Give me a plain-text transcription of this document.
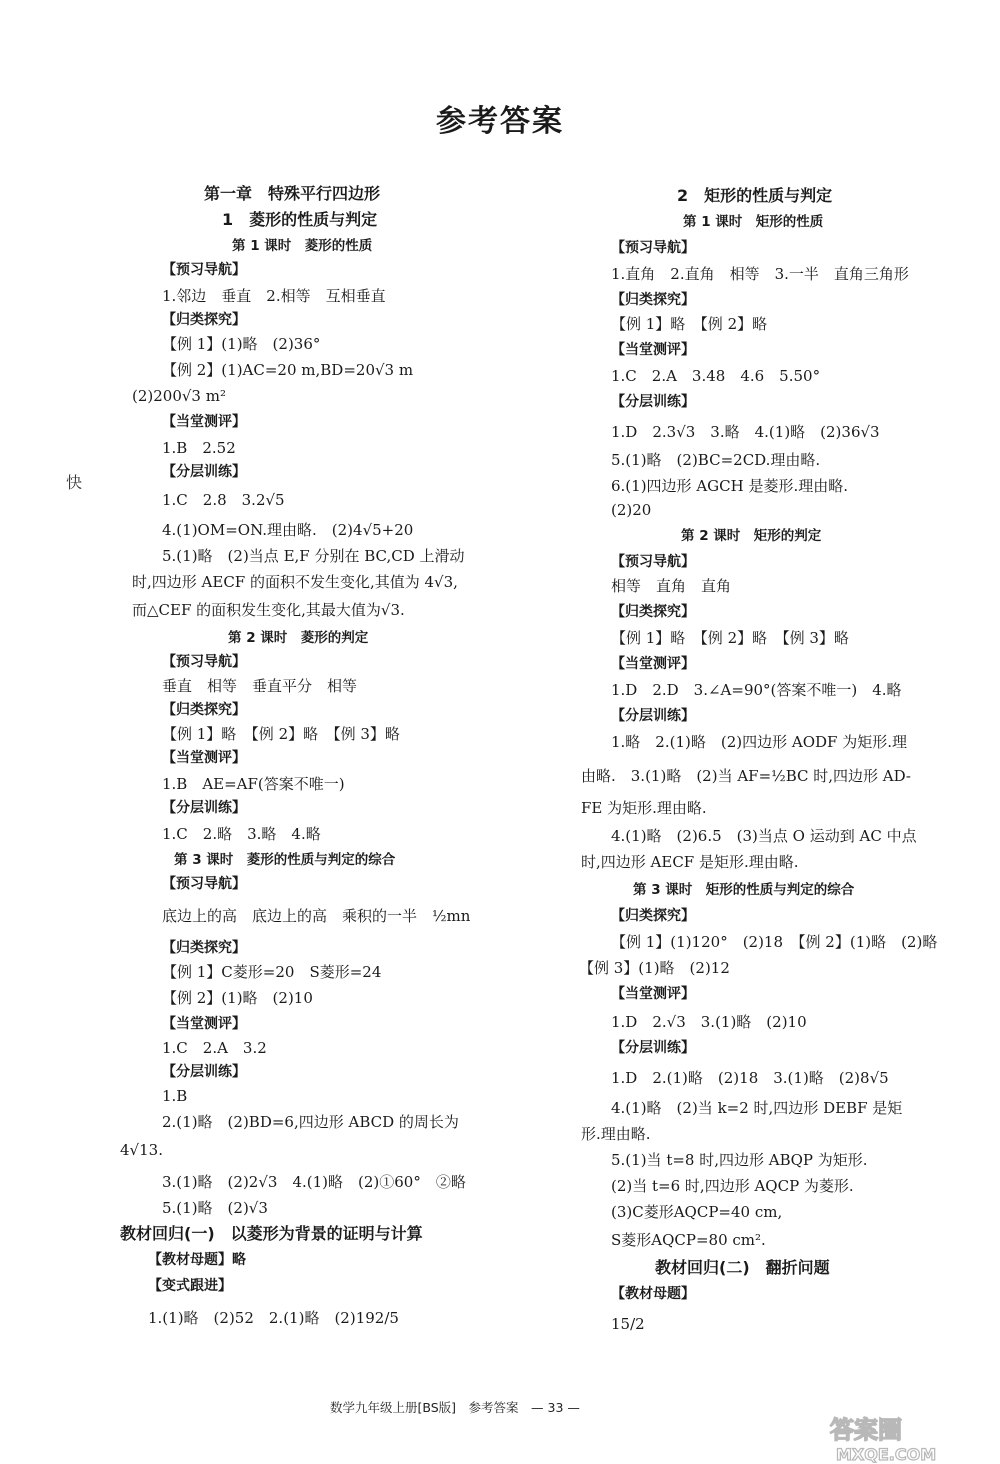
参考答案
第一章　特殊平行四边形
1　菱形的性质与判定
第 1 课时　菱形的性质
【预习导航】
1.邻边　垂直　2.相等　互相垂直
【归类探究】
【例 1】(1)略　(2)36°
【例 2】(1)AC=20 m,BD=20√3 m
(2)200√3 m²
【当堂测评】
1.B　2.52
【分层训练】
1.C　2.8　3.2√5
4.(1)OM=ON.理由略.　(2)4√5+20
5.(1)略　(2)当点 E,F 分别在 BC,CD 上滑动
时,四边形 AECF 的面积不发生变化,其值为 4√3,
而△CEF 的面积发生变化,其最大值为√3.
第 2 课时　菱形的判定
【预习导航】
垂直　相等　垂直平分　相等
【归类探究】
【例 1】略　【例 2】略　【例 3】略
【当堂测评】
1.B　AE=AF(答案不唯一)
【分层训练】
1.C　2.略　3.略　4.略
第 3 课时　菱形的性质与判定的综合
【预习导航】
底边上的高　底边上的高　乘积的一半　½mn
【归类探究】
【例 1】C菱形=20　S菱形=24
【例 2】(1)略　(2)10
【当堂测评】
1.C　2.A　3.2
【分层训练】
1.B
2.(1)略　(2)BD=6,四边形 ABCD 的周长为
4√13.
3.(1)略　(2)2√3　4.(1)略　(2)①60°　②略
5.(1)略　(2)√3
教材回归(一)　以菱形为背景的证明与计算
【教材母题】略
【变式跟进】
1.(1)略　(2)52　2.(1)略　(2)192/5
2　矩形的性质与判定
第 1 课时　矩形的性质
【预习导航】
1.直角　2.直角　相等　3.一半　直角三角形
【归类探究】
【例 1】略　【例 2】略
【当堂测评】
1.C　2.A　3.48　4.6　5.50°
【分层训练】
1.D　2.3√3　3.略　4.(1)略　(2)36√3
5.(1)略　(2)BC=2CD.理由略.
6.(1)四边形 AGCH 是菱形.理由略.
(2)20
第 2 课时　矩形的判定
【预习导航】
相等　直角　直角
【归类探究】
【例 1】略　【例 2】略　【例 3】略
【当堂测评】
1.D　2.D　3.∠A=90°(答案不唯一)　4.略
【分层训练】
1.略　2.(1)略　(2)四边形 AODF 为矩形.理
由略.　3.(1)略　(2)当 AF=½BC 时,四边形 AD-
FE 为矩形.理由略.
4.(1)略　(2)6.5　(3)当点 O 运动到 AC 中点
时,四边形 AECF 是矩形.理由略.
第 3 课时　矩形的性质与判定的综合
【归类探究】
【例 1】(1)120°　(2)18　【例 2】(1)略　(2)略
【例 3】(1)略　(2)12
【当堂测评】
1.D　2.√3　3.(1)略　(2)10
【分层训练】
1.D　2.(1)略　(2)18　3.(1)略　(2)8√5
4.(1)略　(2)当 k=2 时,四边形 DEBF 是矩
形.理由略.
5.(1)当 t=8 时,四边形 ABQP 为矩形.
(2)当 t=6 时,四边形 AQCP 为菱形.
(3)C菱形AQCP=40 cm,
S菱形AQCP=80 cm².
教材回归(二)　翻折问题
【教材母题】
15/2
快
数学九年级上册[BS版]　参考答案　— 33 —
答案圈
MXQE.COM
